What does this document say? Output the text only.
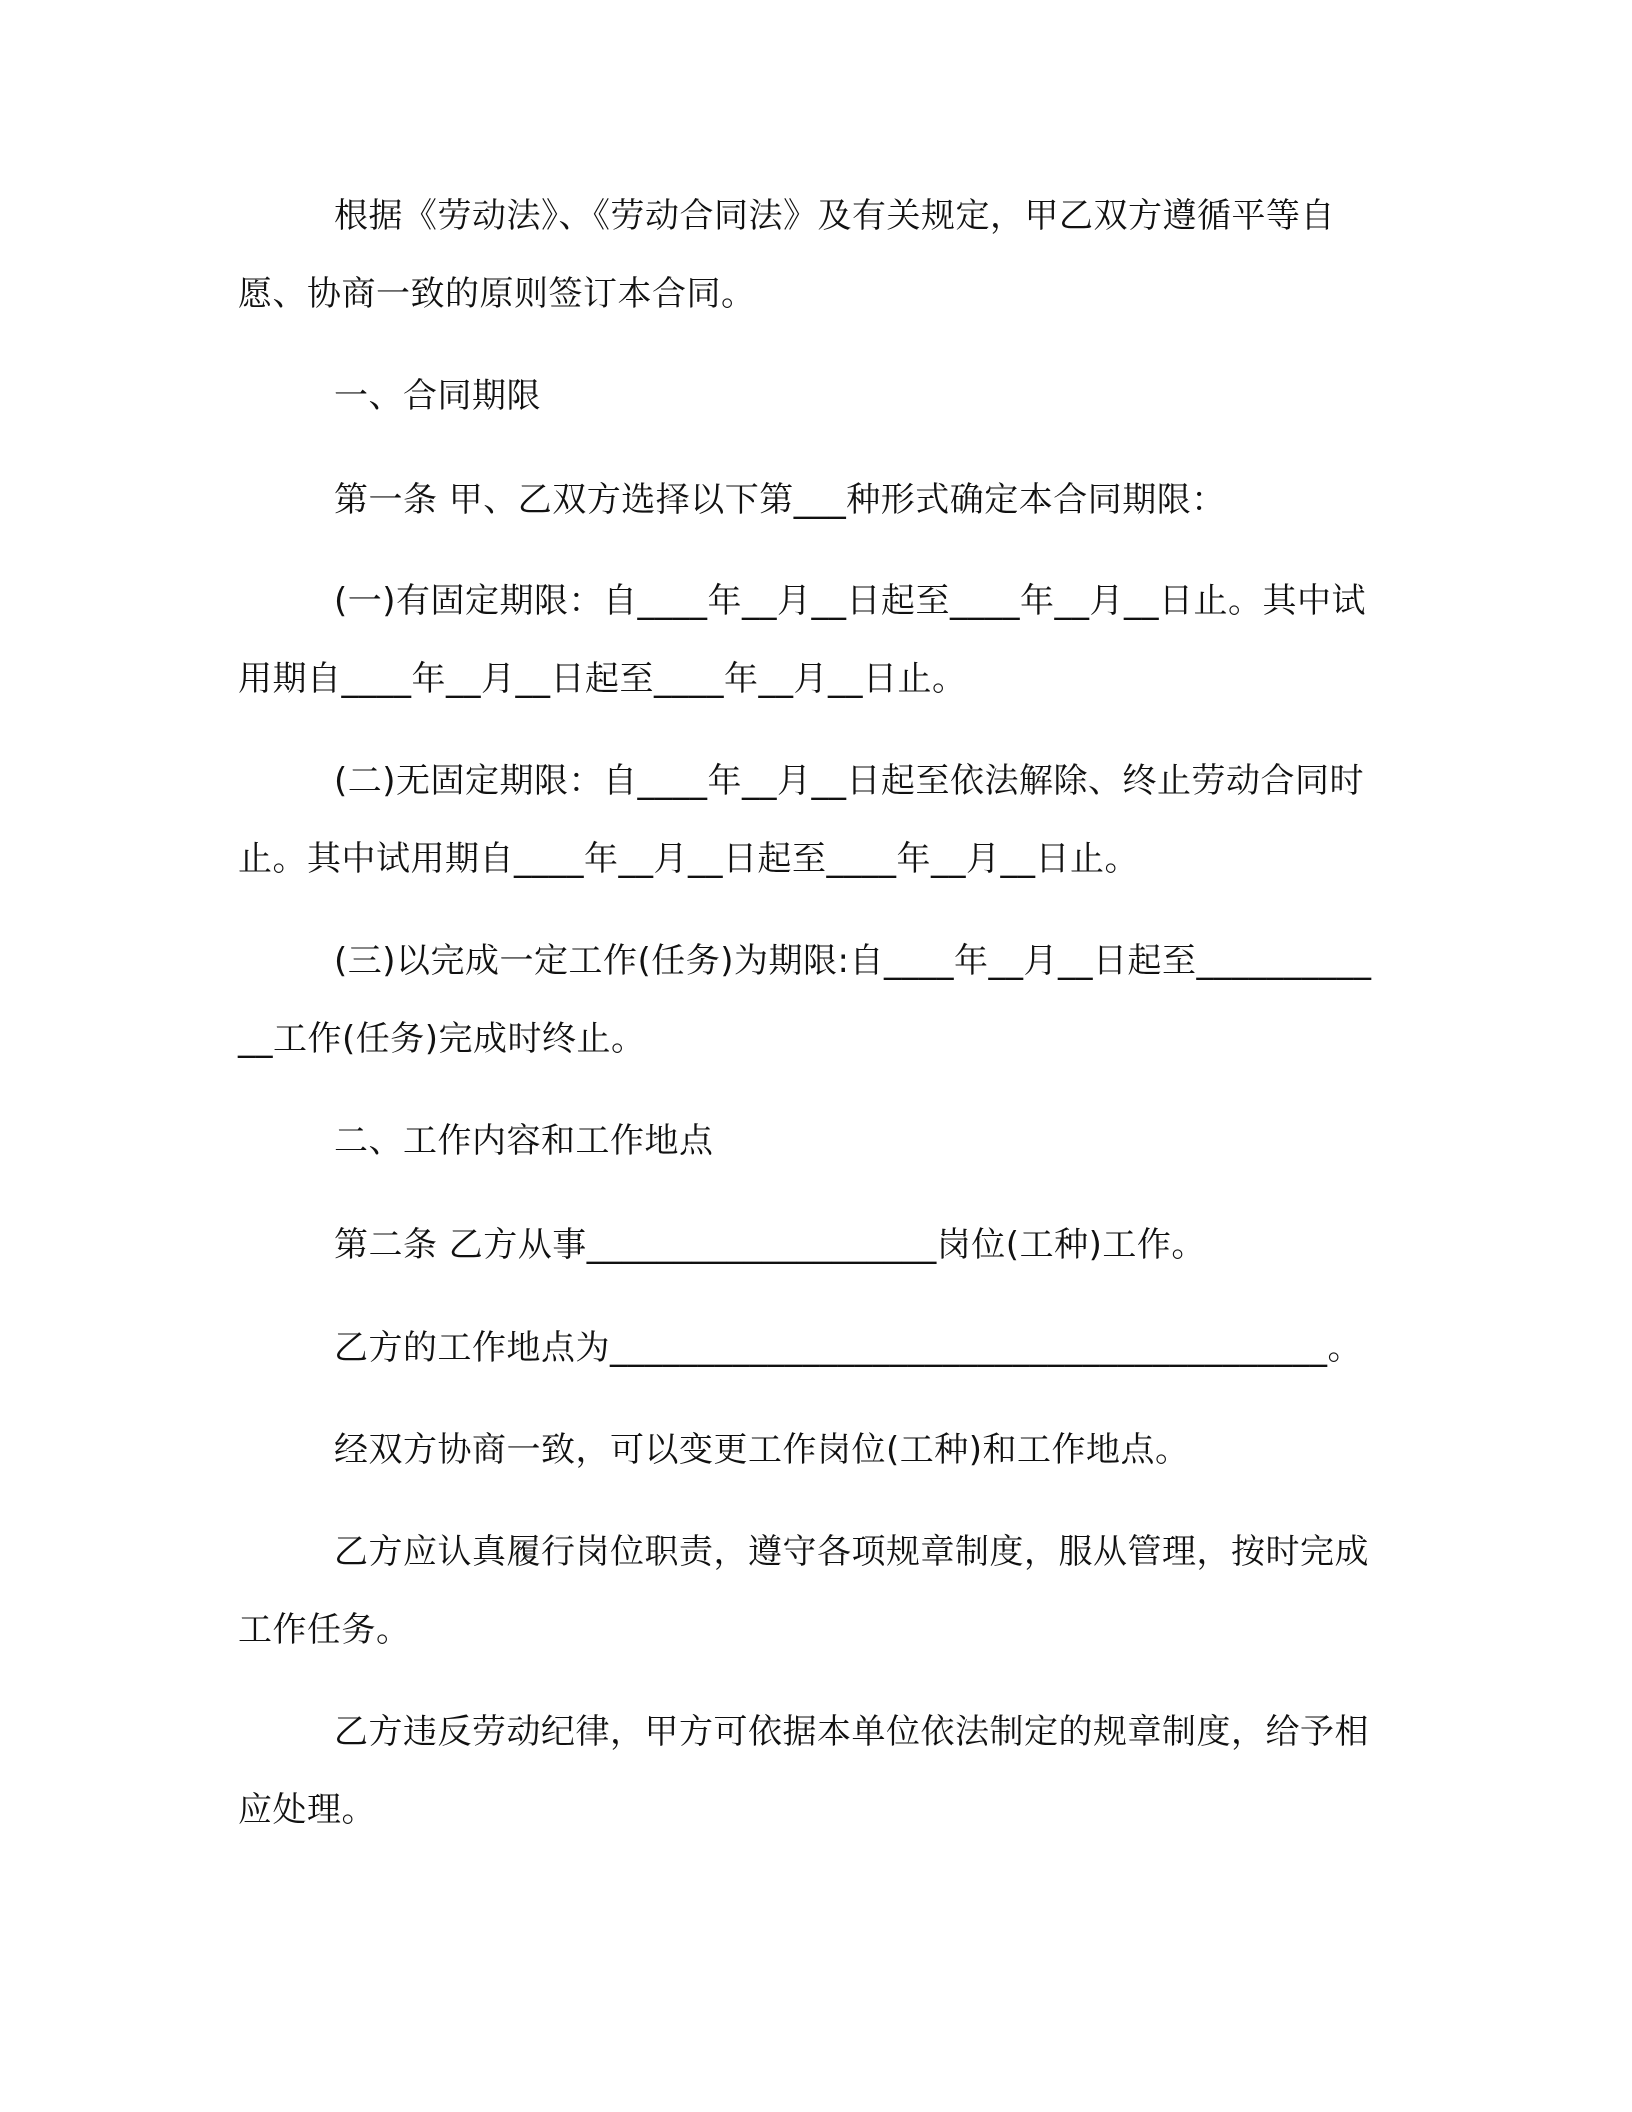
根据《劳动法》、《劳动合同法》及有关规定，甲乙双方遵循平等自愿、协商一致的原则签订本合同。

一、合同期限

第一条 甲、乙双方选择以下第___种形式确定本合同期限：

(一)有固定期限：自____年__月__日起至____年__月__日止。其中试用期自____年__月__日起至____年__月__日止。

(二)无固定期限：自____年__月__日起至依法解除、终止劳动合同时止。其中试用期自____年__月__日起至____年__月__日止。

(三)以完成一定工作(任务)为期限:自____年__月__日起至____________工作(任务)完成时终止。

二、工作内容和工作地点

第二条 乙方从事____________________岗位(工种)工作。

乙方的工作地点为_________________________________________。

经双方协商一致，可以变更工作岗位(工种)和工作地点。

乙方应认真履行岗位职责，遵守各项规章制度，服从管理，按时完成工作任务。

乙方违反劳动纪律，甲方可依据本单位依法制定的规章制度，给予相应处理。
